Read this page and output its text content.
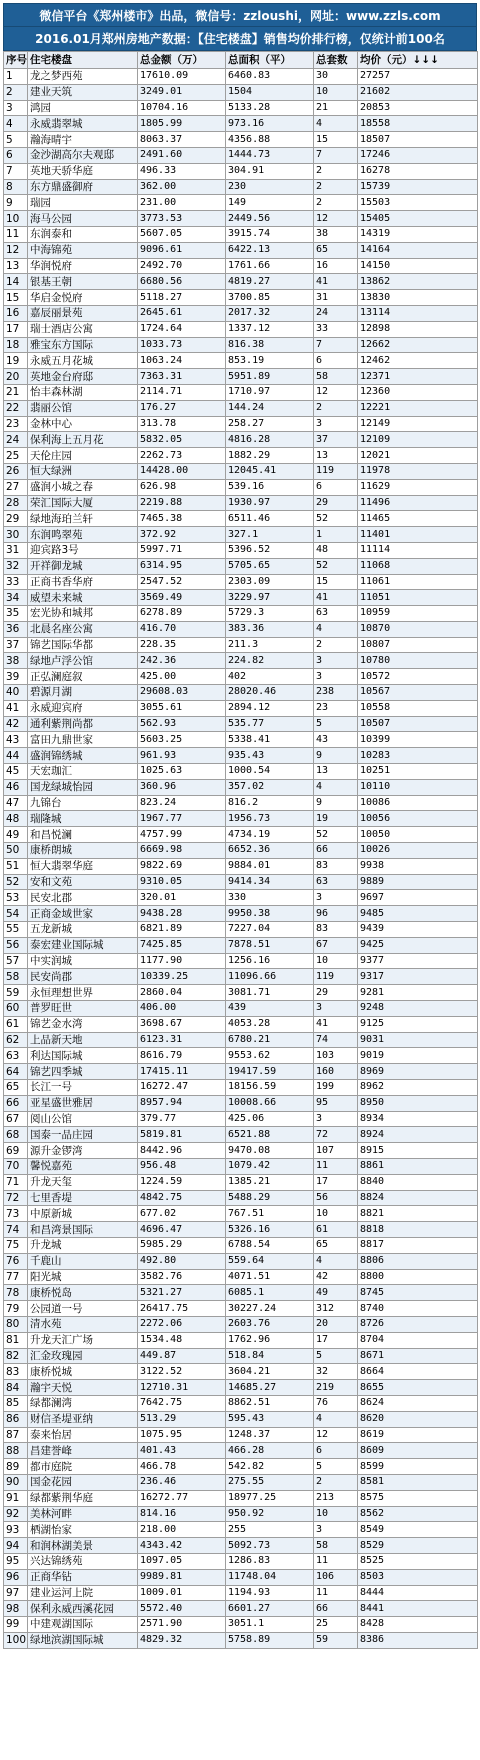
微信平台《郑州楼市》出品，微信号：zzloushi，网址：www.zzls.com
2016.01月郑州房地产数据：【住宅楼盘】销售均价排行榜，仅统计前100名
序号	住宅楼盘	总金额（万）	总面积（平）	总套数	均价（元）↓↓↓
1	龙之梦西苑	17610.09	6460.83	30	27257
2	建业天筑	3249.01	1504	10	21602
3	鸿园	10704.16	5133.28	21	20853
4	永威翡翠城	1805.99	973.16	4	18558
5	瀚海晴宇	8063.37	4356.88	15	18507
6	金沙湖高尔夫观邸	2491.60	1444.73	7	17246
7	英地天骄华庭	496.33	304.91	2	16278
8	东方鼎盛御府	362.00	230	2	15739
9	瑞园	231.00	149	2	15503
10	海马公园	3773.53	2449.56	12	15405
11	东润泰和	5607.05	3915.74	38	14319
12	中海锦苑	9096.61	6422.13	65	14164
13	华润悦府	2492.70	1761.66	16	14150
14	银基王朝	6680.56	4819.27	41	13862
15	华启金悦府	5118.27	3700.85	31	13830
16	嘉辰丽景苑	2645.61	2017.32	24	13114
17	瑞士酒店公寓	1724.64	1337.12	33	12898
18	雅宝东方国际	1033.73	816.38	7	12662
19	永威五月花城	1063.24	853.19	6	12462
20	英地金台府邸	7363.31	5951.89	58	12371
21	怡丰森林湖	2114.71	1710.97	12	12360
22	翡丽公馆	176.27	144.24	2	12221
23	金林中心	313.78	258.27	3	12149
24	保利海上五月花	5832.05	4816.28	37	12109
25	天伦庄园	2262.73	1882.29	13	12021
26	恒大绿洲	14428.00	12045.41	119	11978
27	盛润小城之春	626.98	539.16	6	11629
28	荣汇国际大厦	2219.88	1930.97	29	11496
29	绿地海珀兰轩	7465.38	6511.46	52	11465
30	东润鸣翠苑	372.92	327.1	1	11401
31	迎宾路3号	5997.71	5396.52	48	11114
32	开祥御龙城	6314.95	5705.65	52	11068
33	正商书香华府	2547.52	2303.09	15	11061
34	威望未来城	3569.49	3229.97	41	11051
35	宏光协和城邦	6278.89	5729.3	63	10959
36	北晨名座公寓	416.70	383.36	4	10870
37	锦艺国际华都	228.35	211.3	2	10807
38	绿地卢浮公馆	242.36	224.82	3	10780
39	正弘澜庭叙	425.00	402	3	10572
40	碧源月湖	29608.03	28020.46	238	10567
41	永威迎宾府	3055.61	2894.12	23	10558
42	通利紫荆尚都	562.93	535.77	5	10507
43	富田九鼎世家	5603.25	5338.41	43	10399
44	盛润锦绣城	961.93	935.43	9	10283
45	天宏珈汇	1025.63	1000.54	13	10251
46	国龙绿城怡园	360.96	357.02	4	10110
47	九锦台	823.24	816.2	9	10086
48	瑞隆城	1967.77	1956.73	19	10056
49	和昌悦澜	4757.99	4734.19	52	10050
50	康桥朗城	6669.98	6652.36	66	10026
51	恒大翡翠华庭	9822.69	9884.01	83	9938
52	安和文苑	9310.05	9414.34	63	9889
53	民安北郡	320.01	330	3	9697
54	正商金域世家	9438.28	9950.38	96	9485
55	五龙新城	6821.89	7227.04	83	9439
56	泰宏建业国际城	7425.85	7878.51	67	9425
57	中实润城	1177.90	1256.16	10	9377
58	民安尚郡	10339.25	11096.66	119	9317
59	永恒理想世界	2860.04	3081.71	29	9281
60	普罗旺世	406.00	439	3	9248
61	锦艺金水湾	3698.67	4053.28	41	9125
62	上品新天地	6123.31	6780.21	74	9031
63	利达国际城	8616.79	9553.62	103	9019
64	锦艺四季城	17415.11	19417.59	160	8969
65	长江一号	16272.47	18156.59	199	8962
66	亚星盛世雅居	8957.94	10008.66	95	8950
67	阅山公馆	379.77	425.06	3	8934
68	国泰一品庄园	5819.81	6521.88	72	8924
69	源升金锣湾	8442.96	9470.08	107	8915
70	馨悦嘉苑	956.48	1079.42	11	8861
71	升龙天玺	1224.59	1385.21	17	8840
72	七里香堤	4842.75	5488.29	56	8824
73	中原新城	677.02	767.51	10	8821
74	和昌湾景国际	4696.47	5326.16	61	8818
75	升龙城	5985.29	6788.54	65	8817
76	千鹿山	492.80	559.64	4	8806
77	阳光城	3582.76	4071.51	42	8800
78	康桥悦岛	5321.27	6085.1	49	8745
79	公园道一号	26417.75	30227.24	312	8740
80	清水苑	2272.06	2603.76	20	8726
81	升龙天汇广场	1534.48	1762.96	17	8704
82	汇金玫瑰园	449.87	518.84	5	8671
83	康桥悦城	3122.52	3604.21	32	8664
84	瀚宇天悦	12710.31	14685.27	219	8655
85	绿都澜湾	7642.75	8862.51	76	8624
86	财信圣堤亚纳	513.29	595.43	4	8620
87	泰来怡居	1075.95	1248.37	12	8619
88	昌建誉峰	401.43	466.28	6	8609
89	都市庭院	466.78	542.82	5	8599
90	国金花园	236.46	275.55	2	8581
91	绿都紫荆华庭	16272.77	18977.25	213	8575
92	美林河畔	814.16	950.92	10	8562
93	栖湖怡家	218.00	255	3	8549
94	和润林湖美景	4343.42	5092.73	58	8529
95	兴达锦绣苑	1097.05	1286.83	11	8525
96	正商华钻	9989.81	11748.04	106	8503
97	建业运河上院	1009.01	1194.93	11	8444
98	保利永威西溪花园	5572.40	6601.27	66	8441
99	中建观湖国际	2571.90	3051.1	25	8428
100	绿地滨湖国际城	4829.32	5758.89	59	8386
